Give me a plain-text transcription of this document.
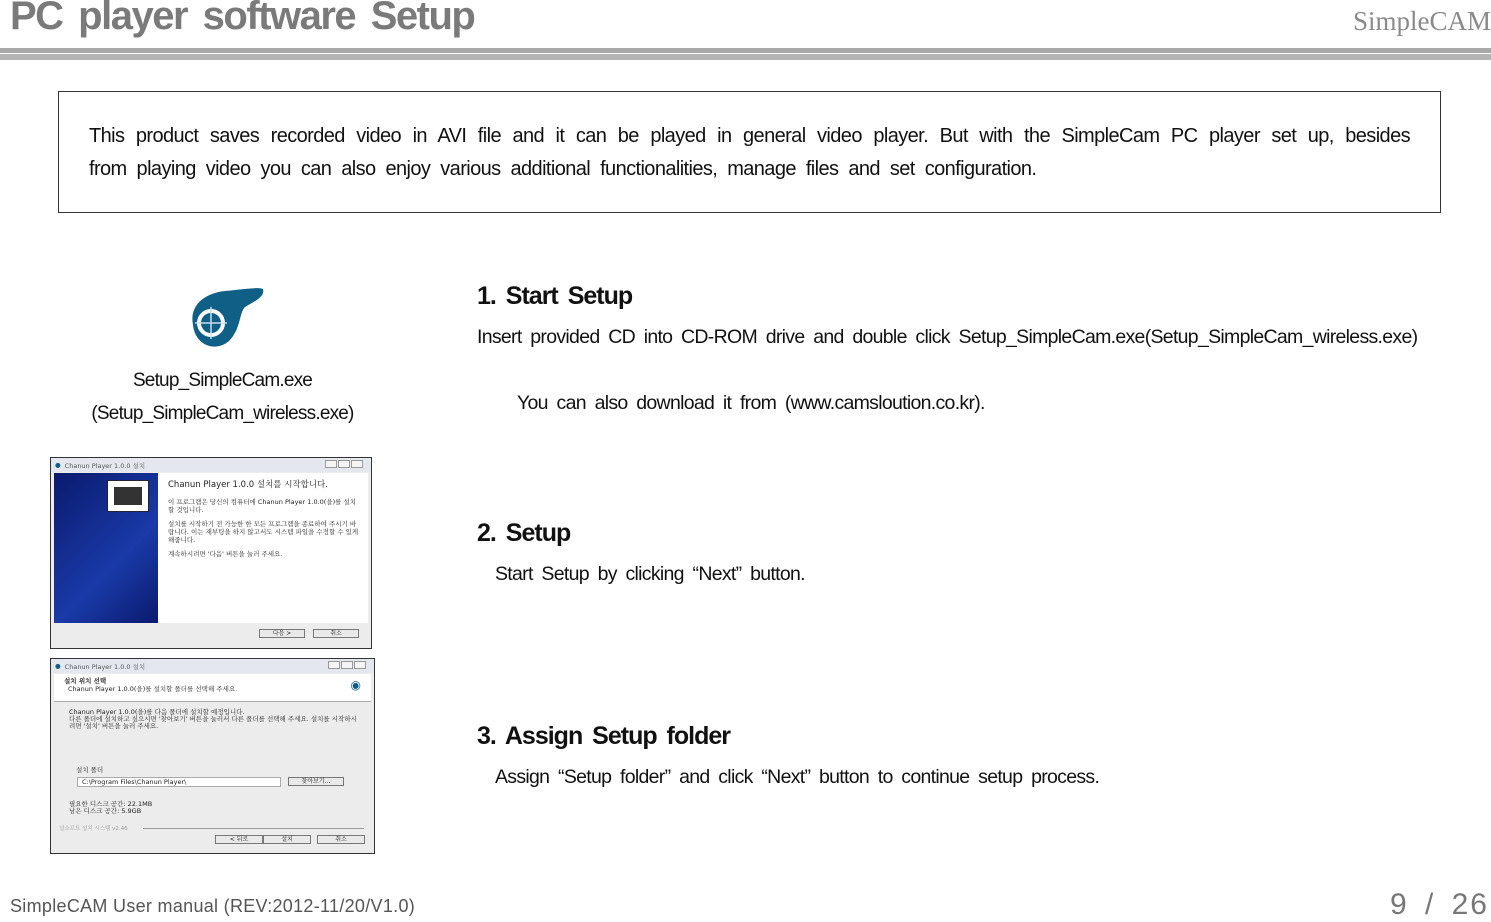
PC player software Setup	SimpleCAM
This product saves recorded video in AVI file and it can be played in general video player. But with the SimpleCam PC player set up, besides from playing video you can also enjoy various additional functionalities, manage files and set configuration.
Setup_SimpleCam.exe
(Setup_SimpleCam_wireless.exe)
● Chanun Player 1.0.0 설치
Chanun Player 1.0.0 설치를 시작합니다.
이 프로그램은 당신의 컴퓨터에 Chanun Player 1.0.0(을)를 설치할 것입니다.
설치를 시작하기 전 가능한 한 모든 프로그램을 종료하여 주시기 바랍니다. 이는 재부팅을 하지 않고서도 시스템 파일을 수정할 수 있게 해줍니다.
계속하시려면 '다음' 버튼을 눌러 주세요.
다음 >	취소
● Chanun Player 1.0.0 설치
설치 위치 선택
Chanun Player 1.0.0(을)를 설치할 폴더를 선택해 주세요.	◉
Chanun Player 1.0.0(을)를 다음 폴더에 설치할 예정입니다.
다른 폴더에 설치하고 싶으시면 '찾아보기' 버튼을 눌러서 다른 폴더를 선택해 주세요. 설치를 시작하시려면 '설치' 버튼을 눌러 주세요.
설치 폴더
C:\Program Files\Chanun Player\	찾아보기...
필요한 디스크 공간: 22.1MB
남은 디스크 공간: 5.9GB
널소프트 설치 시스템 v2.46
< 뒤로	설치	취소
1. Start Setup
Insert provided CD into CD-ROM drive and double click Setup_SimpleCam.exe(Setup_SimpleCam_wireless.exe)
You can also download it from (www.camsloution.co.kr).
2. Setup
Start Setup by clicking “Next” button.
3. Assign Setup folder
Assign “Setup folder” and click “Next” button to continue setup process.
SimpleCAM User manual (REV:2012-11/20/V1.0)	9 / 26
